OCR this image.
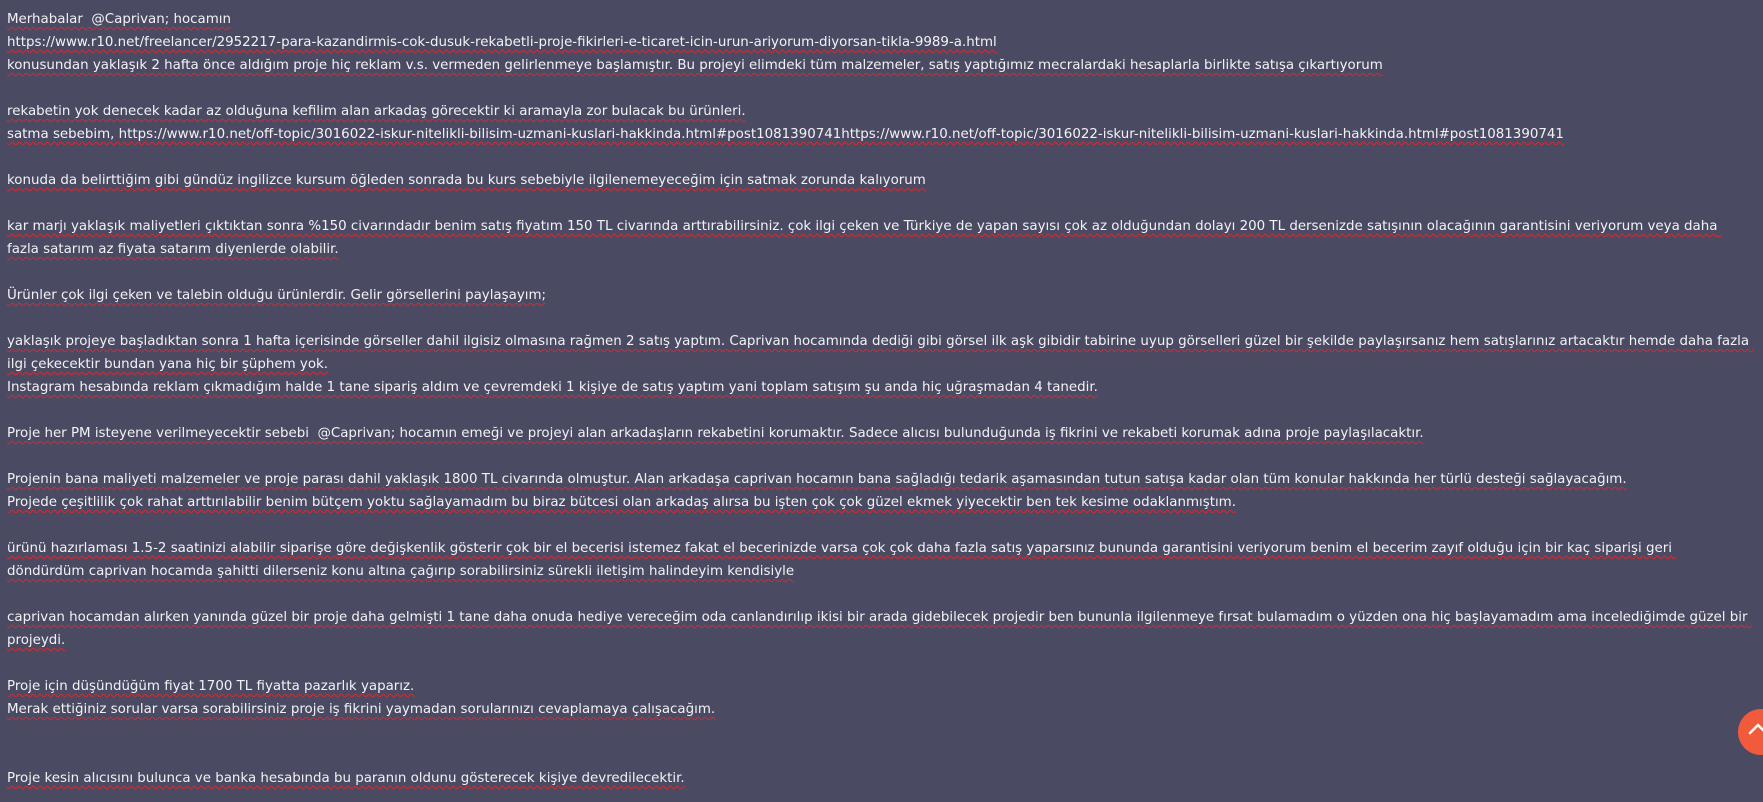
Merhabalar  @Caprivan; hocamın
https://www.r10.net/freelancer/2952217-para-kazandirmis-cok-dusuk-rekabetli-proje-fikirleri-e-ticaret-icin-urun-ariyorum-diyorsan-tikla-9989-a.html
konusundan yaklaşık 2 hafta önce aldığım proje hiç reklam v.s. vermeden gelirlenmeye başlamıştır. Bu projeyi elimdeki tüm malzemeler, satış yaptığımız mecralardaki hesaplarla birlikte satışa çıkartıyorum
rekabetin yok denecek kadar az olduğuna kefilim alan arkadaş görecektir ki aramayla zor bulacak bu ürünleri.
satma sebebim, https://www.r10.net/off-topic/3016022-iskur-nitelikli-bilisim-uzmani-kuslari-hakkinda.html#post1081390741https://www.r10.net/off-topic/3016022-iskur-nitelikli-bilisim-uzmani-kuslari-hakkinda.html#post1081390741
konuda da belirttiğim gibi gündüz ingilizce kursum öğleden sonrada bu kurs sebebiyle ilgilenemeyeceğim için satmak zorunda kalıyorum
kar marjı yaklaşık maliyetleri çıktıktan sonra %150 civarındadır benim satış fiyatım 150 TL civarında arttırabilirsiniz. çok ilgi çeken ve Türkiye de yapan sayısı çok az olduğundan dolayı 200 TL dersenizde satışının olacağının garantisini veriyorum veya daha fazla satarım az fiyata satarım diyenlerde olabilir.
Ürünler çok ilgi çeken ve talebin olduğu ürünlerdir. Gelir görsellerini paylaşayım;
yaklaşık projeye başladıktan sonra 1 hafta içerisinde görseller dahil ilgisiz olmasına rağmen 2 satış yaptım. Caprivan hocamında dediği gibi görsel ilk aşk gibidir tabirine uyup görselleri güzel bir şekilde paylaşırsanız hem satışlarınız artacaktır hemde daha fazla ilgi çekecektir bundan yana hiç bir şüphem yok.
Instagram hesabında reklam çıkmadığım halde 1 tane sipariş aldım ve çevremdeki 1 kişiye de satış yaptım yani toplam satışım şu anda hiç uğraşmadan 4 tanedir.
Proje her PM isteyene verilmeyecektir sebebi  @Caprivan; hocamın emeği ve projeyi alan arkadaşların rekabetini korumaktır. Sadece alıcısı bulunduğunda iş fikrini ve rekabeti korumak adına proje paylaşılacaktır.
Projenin bana maliyeti malzemeler ve proje parası dahil yaklaşık 1800 TL civarında olmuştur. Alan arkadaşa caprivan hocamın bana sağladığı tedarik aşamasından tutun satışa kadar olan tüm konular hakkında her türlü desteği sağlayacağım.
Projede çeşitlilik çok rahat arttırılabilir benim bütçem yoktu sağlayamadım bu biraz bütcesi olan arkadaş alırsa bu işten çok çok güzel ekmek yiyecektir ben tek kesime odaklanmıştım.
ürünü hazırlaması 1.5-2 saatinizi alabilir siparişe göre değişkenlik gösterir çok bir el becerisi istemez fakat el becerinizde varsa çok çok daha fazla satış yaparsınız bununda garantisini veriyorum benim el becerim zayıf olduğu için bir kaç siparişi geri döndürdüm caprivan hocamda şahitti dilerseniz konu altına çağırıp sorabilirsiniz sürekli iletişim halindeyim kendisiyle
caprivan hocamdan alırken yanında güzel bir proje daha gelmişti 1 tane daha onuda hediye vereceğim oda canlandırılıp ikisi bir arada gidebilecek projedir ben bununla ilgilenmeye fırsat bulamadım o yüzden ona hiç başlayamadım ama incelediğimde güzel bir projeydi.
Proje için düşündüğüm fiyat 1700 TL fiyatta pazarlık yaparız.
Merak ettiğiniz sorular varsa sorabilirsiniz proje iş fikrini yaymadan sorularınızı cevaplamaya çalışacağım.
Proje kesin alıcısını bulunca ve banka hesabında bu paranın oldunu gösterecek kişiye devredilecektir.
